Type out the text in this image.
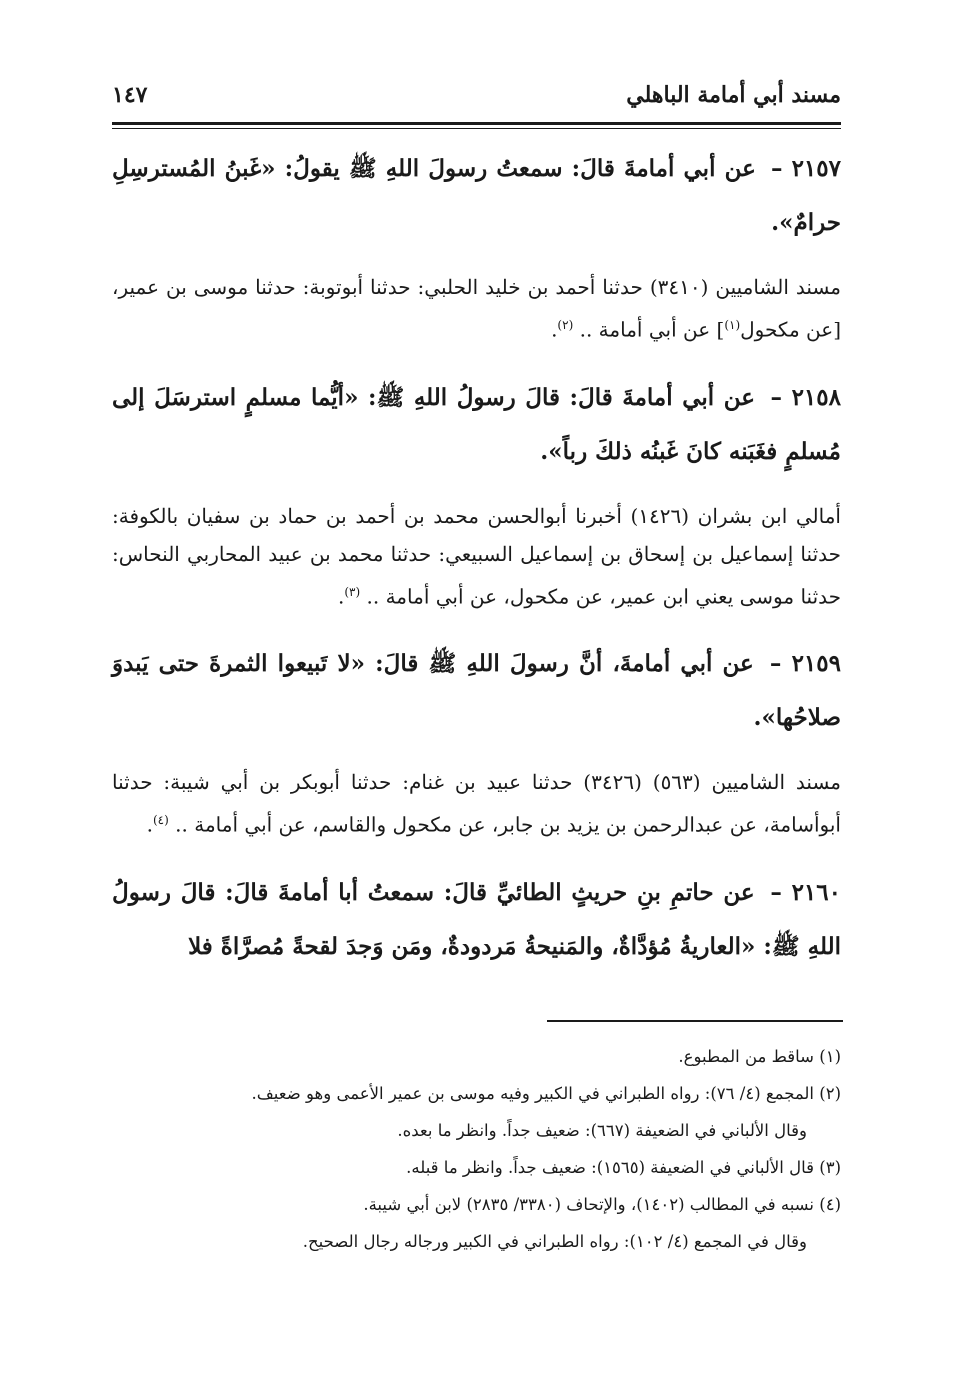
مسند أبي أمامة الباهلي
١٤٧

٢١٥٧ – عن أبي أمامةَ قالَ: سمعتُ رسولَ اللهِ ﷺ يقولُ: «غَبنُ المُسترسِلِ حرامٌ».

مسند الشامیین (٣٤١٠) حدثنا أحمد بن خليد الحلبي: حدثنا أبوتوبة: حدثنا موسى بن عمير، [عن مكحول$^{(١)}$] عن أبي أمامة .. $^{(٢)}$.

٢١٥٨ – عن أبي أمامةَ قالَ: قالَ رسولُ اللهِ ﷺ: «أيُّما مسلمٍ استرسَلَ إلى مُسلمٍ فغَبَنه كانَ غَبنُه ذلكَ رباً».

أمالي ابن بشران (١٤٢٦) أخبرنا أبوالحسن محمد بن أحمد بن حماد بن سفيان بالكوفة: حدثنا إسماعيل بن إسحاق بن إسماعيل السبيعي: حدثنا محمد بن عبيد المحاربي النحاس: حدثنا موسى يعني ابن عمير، عن مكحول، عن أبي أمامة .. $^{(٣)}$.

٢١٥٩ – عن أبي أمامةَ، أنَّ رسولَ اللهِ ﷺ قالَ: «لا تَبيعوا الثمرةَ حتى يَبدوَ صلاحُها».

مسند الشاميين (٥٦٣) (٣٤٢٦) حدثنا عبيد بن غنام: حدثنا أبوبكر بن أبي شيبة: حدثنا أبوأسامة، عن عبدالرحمن بن يزيد بن جابر، عن مكحول والقاسم، عن أبي أمامة .. $^{(٤)}$.

٢١٦٠ – عن حاتمِ بنِ حريثٍ الطائيِّ قالَ: سمعتُ أبا أمامةَ قالَ: قالَ رسولُ اللهِ ﷺ: «العاريةُ مُؤدَّاةٌ، والمَنيحةُ مَردودةٌ، ومَن وَجدَ لقحةً مُصرَّاةً فلا

(١) ساقط من المطبوع.
(٢) المجمع (٤/ ٧٦): رواه الطبراني في الكبير وفيه موسى بن عمير الأعمى وهو ضعيف.
وقال الألباني في الضعيفة (٦٦٧): ضعيف جداً. وانظر ما بعده.
(٣) قال الألباني في الضعيفة (١٥٦٥): ضعيف جداً. وانظر ما قبله.
(٤) نسبه في المطالب (١٤٠٢)، والإتحاف (٣٣٨٠/ ٢٨٣٥) لابن أبي شيبة.
وقال في المجمع (٤/ ١٠٢): رواه الطبراني في الكبير ورجاله رجال الصحيح.
